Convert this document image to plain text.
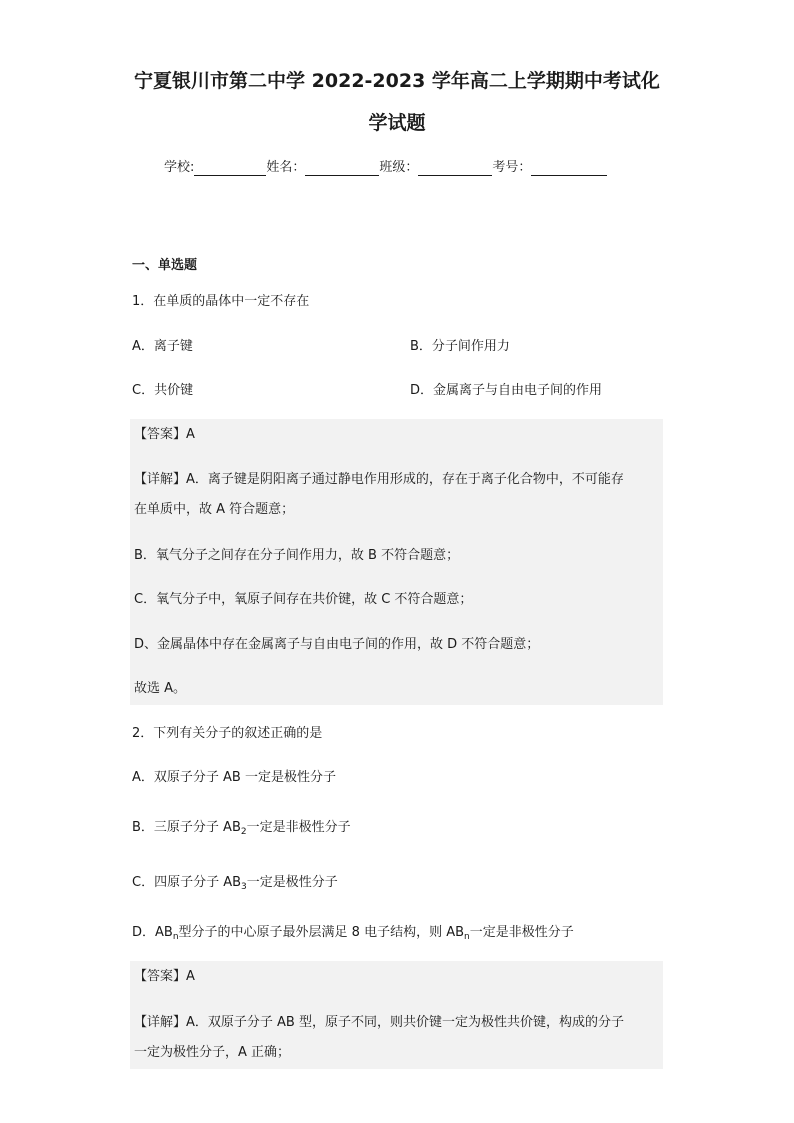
宁夏银川市第二中学 2022-2023 学年高二上学期期中考试化
学试题
学校:	姓名：	班级：	考号：
一、单选题
1．在单质的晶体中一定不存在
A．离子键	B．分子间作用力
C．共价键	D．金属离子与自由电子间的作用
【答案】A
【详解】A．离子键是阴阳离子通过静电作用形成的，存在于离子化合物中，不可能存
在单质中，故 A 符合题意；
B．氧气分子之间存在分子间作用力，故 B 不符合题意；
C．氧气分子中，氧原子间存在共价键，故 C 不符合题意；
D、金属晶体中存在金属离子与自由电子间的作用，故 D 不符合题意；
故选 A。
2．下列有关分子的叙述正确的是
A．双原子分子 AB 一定是极性分子
B．三原子分子 $AB_2$一定是非极性分子
C．四原子分子 $AB_3$一定是极性分子
D．$AB_n$型分子的中心原子最外层满足 8 电子结构，则 $AB_n$一定是非极性分子
【答案】A
【详解】A．双原子分子 AB 型，原子不同，则共价键一定为极性共价键，构成的分子
一定为极性分子，A 正确；
